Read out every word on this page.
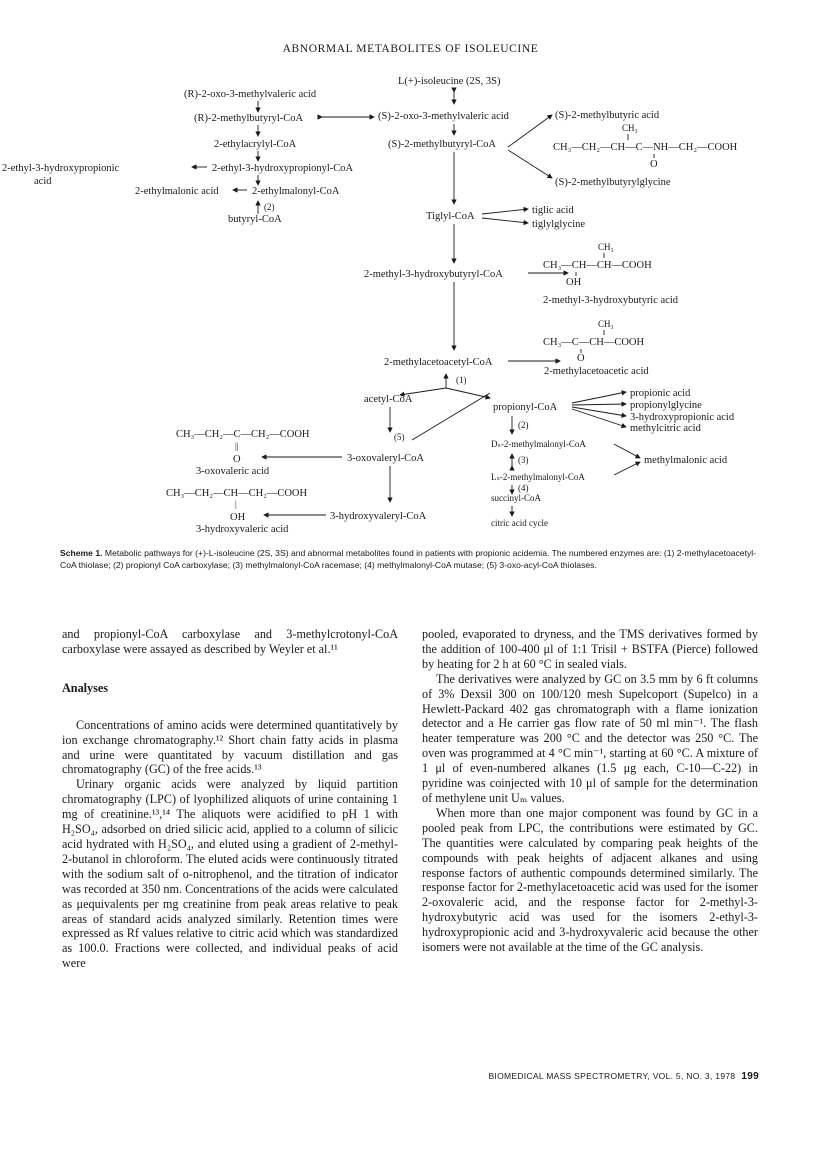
ABNORMAL METABOLITES OF ISOLEUCINE
L(+)-isoleucine (2S, 3S)
(S)-2-oxo-3-methylvaleric acid
(S)-2-methylbutyryl-CoA
(R)-2-oxo-3-methylvaleric acid
(R)-2-methylbutyryl-CoA
2-ethylacrylyl-CoA
2-ethyl-3-hydroxypropionic
acid
2-ethyl-3-hydroxypropionyl-CoA
2-ethylmalonic acid	2-ethylmalonyl-CoA
(2)
butyryl-CoA
(S)-2-methylbutyric acid
CH₃
CH₃—CH₂—CH—C—NH—CH₂—COOH
O
(S)-2-methylbutyrylglycine
Tiglyl-CoA
tiglic acid
tiglylglycine
CH₃
CH₃—CH—CH—COOH
OH
2-methyl-3-hydroxybutyryl-CoA
2-methyl-3-hydroxybutyric acid
CH₃
CH₃—C—CH—COOH
O
2-methylacetoacetyl-CoA
2-methylacetoacetic acid
(1)
acetyl-CoA
propionyl-CoA
propionic acid
propionylglycine
3-hydroxypropionic acid
methylcitric acid
(2)
Dₛ-2-methylmalonyl-CoA
(3)
Lₛ-2-methylmalonyl-CoA
methylmalonic acid
(4)
succinyl-CoA
citric acid cycle
(5)
CH₃—CH₂—C—CH₂—COOH
||
O	3-oxovaleryl-CoA
3-oxovaleric acid
CH₃—CH₂—CH—CH₂—COOH
|
OH	3-hydroxyvaleryl-CoA
3-hydroxyvaleric acid
Scheme 1. Metabolic pathways for (+)-L-isoleucine (2S, 3S) and abnormal metabolites found in patients with propionic acidemia. The numbered enzymes are: (1) 2-methylacetoacetyl-CoA thiolase; (2) propionyl CoA carboxylase; (3) methylmalonyl-CoA racemase; (4) methylmalonyl-CoA mutase; (5) 3-oxo-acyl-CoA thiolases.

and propionyl-CoA carboxylase and 3-methylcrotonyl-CoA carboxylase were assayed as described by Weyler et al.¹¹

Analyses

Concentrations of amino acids were determined quantitatively by ion exchange chromatography.¹² Short chain fatty acids in plasma and urine were quantitated by vacuum distillation and gas chromatography (GC) of the free acids.¹³

Urinary organic acids were analyzed by liquid partition chromatography (LPC) of lyophilized aliquots of urine containing 1 mg of creatinine.¹³,¹⁴ The aliquots were acidified to pH 1 with H₂SO₄, adsorbed on dried silicic acid, applied to a column of silicic acid hydrated with H₂SO₄, and eluted using a gradient of 2-methyl-2-butanol in chloroform. The eluted acids were continuously titrated with the sodium salt of o-nitrophenol, and the titration of indicator was recorded at 350 nm. Concentrations of the acids were calculated as μequivalents per mg creatinine from peak areas relative to peak areas of standard acids analyzed similarly. Retention times were expressed as Rf values relative to citric acid which was standardized as 100.0. Fractions were collected, and individual peaks of acid were

pooled, evaporated to dryness, and the TMS derivatives formed by the addition of 100-400 μl of 1:1 Trisil + BSTFA (Pierce) followed by heating for 2 h at 60 °C in sealed vials.

The derivatives were analyzed by GC on 3.5 mm by 6 ft columns of 3% Dexsil 300 on 100/120 mesh Supelcoport (Supelco) in a Hewlett-Packard 402 gas chromatograph with a flame ionization detector and a He carrier gas flow rate of 50 ml min⁻¹. The flash heater temperature was 200 °C and the detector was 250 °C. The oven was programmed at 4 °C min⁻¹, starting at 60 °C. A mixture of 1 μl of even-numbered alkanes (1.5 μg each, C-10—C-22) in pyridine was coinjected with 10 μl of sample for the determination of methylene unit Uₘ values.

When more than one major component was found by GC in a pooled peak from LPC, the contributions were estimated by GC. The quantities were calculated by comparing peak heights of the compounds with peak heights of adjacent alkanes and using response factors of authentic compounds determined similarly. The response factor for 2-methylacetoacetic acid was used for the isomer 2-oxovaleric acid, and the response factor for 2-methyl-3-hydroxybutyric acid was used for the isomers 2-ethyl-3-hydroxypropionic acid and 3-hydroxyvaleric acid because the other isomers were not available at the time of the GC analysis.

BIOMEDICAL MASS SPECTROMETRY, VOL. 5, NO. 3, 1978 199
